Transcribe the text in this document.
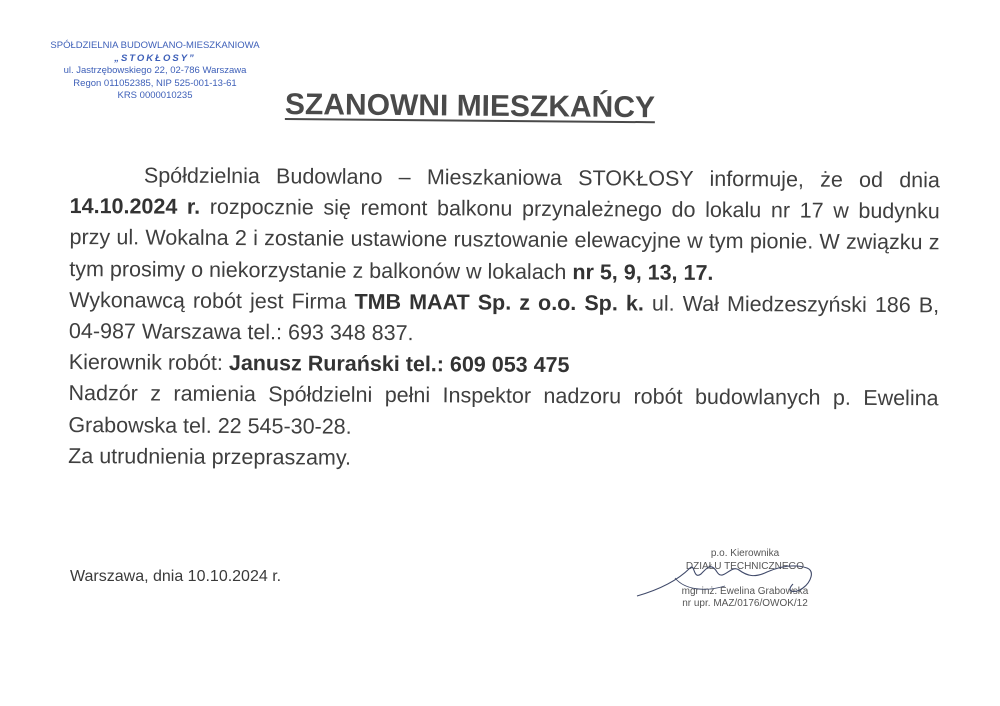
SPÓŁDZIELNIA BUDOWLANO-MIESZKANIOWA
„STOKŁOSY”
ul. Jastrzębowskiego 22, 02-786 Warszawa
Regon 011052385, NIP 525-001-13-61
KRS 0000010235	SZANOWNI MIESZKAŃCY

Spółdzielnia Budowlano – Mieszkaniowa STOKŁOSY informuje, że od dnia 14.10.2024 r. rozpocznie się remont balkonu przynależnego do lokalu nr 17 w budynku przy ul. Wokalna 2 i zostanie ustawione rusztowanie elewacyjne w tym pionie. W związku z tym prosimy o niekorzystanie z balkonów w lokalach nr 5, 9, 13, 17.

Wykonawcą robót jest Firma TMB MAAT Sp. z o.o. Sp. k. ul. Wał Miedzeszyński 186 B, 04-987 Warszawa tel.: 693 348 837.

Kierownik robót: Janusz Rurański tel.: 609 053 475

Nadzór z ramienia Spółdzielni pełni Inspektor nadzoru robót budowlanych p. Ewelina Grabowska tel. 22 545-30-28.

Za utrudnienia przepraszamy.

Warszawa, dnia 10.10.2024 r.
p.o. Kierownika
DZIAŁU TECHNICZNEGO
mgr inż. Ewelina Grabowska
nr upr. MAZ/0176/OWOK/12
